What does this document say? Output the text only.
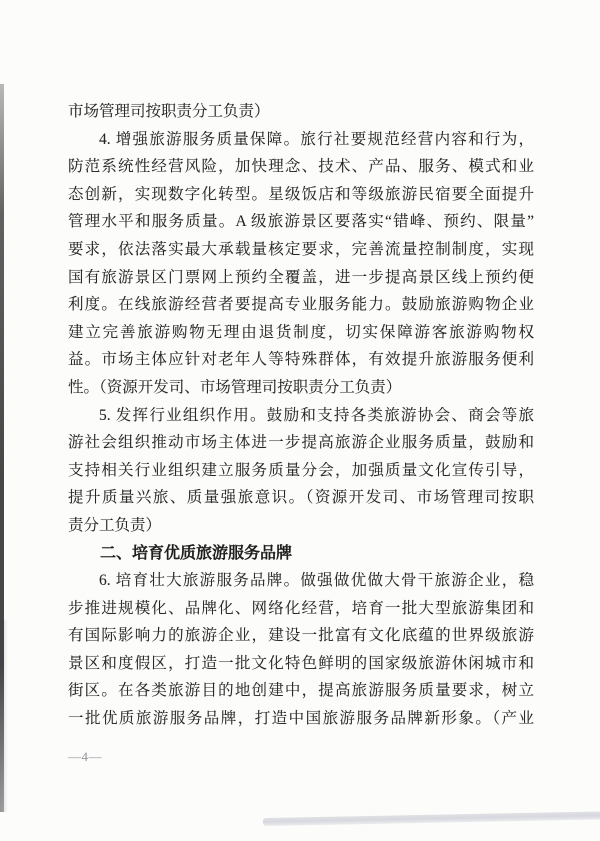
市场管理司按职责分工负责）

4. 增强旅游服务质量保障。旅行社要规范经营内容和行为，

防范系统性经营风险，加快理念、技术、产品、服务、模式和业

态创新，实现数字化转型。星级饭店和等级旅游民宿要全面提升

管理水平和服务质量。A 级旅游景区要落实“错峰、预约、限量”

要求，依法落实最大承载量核定要求，完善流量控制制度，实现

国有旅游景区门票网上预约全覆盖，进一步提高景区线上预约便

利度。在线旅游经营者要提高专业服务能力。鼓励旅游购物企业

建立完善旅游购物无理由退货制度，切实保障游客旅游购物权

益。市场主体应针对老年人等特殊群体，有效提升旅游服务便利

性。（资源开发司、市场管理司按职责分工负责）

5. 发挥行业组织作用。鼓励和支持各类旅游协会、商会等旅

游社会组织推动市场主体进一步提高旅游企业服务质量，鼓励和

支持相关行业组织建立服务质量分会，加强质量文化宣传引导，

提升质量兴旅、质量强旅意识。（资源开发司、市场管理司按职

责分工负责）

二、培育优质旅游服务品牌

6. 培育壮大旅游服务品牌。做强做优做大骨干旅游企业，稳

步推进规模化、品牌化、网络化经营，培育一批大型旅游集团和

有国际影响力的旅游企业，建设一批富有文化底蕴的世界级旅游

景区和度假区，打造一批文化特色鲜明的国家级旅游休闲城市和

街区。在各类旅游目的地创建中，提高旅游服务质量要求，树立

一批优质旅游服务品牌，打造中国旅游服务品牌新形象。（产业

—4—
